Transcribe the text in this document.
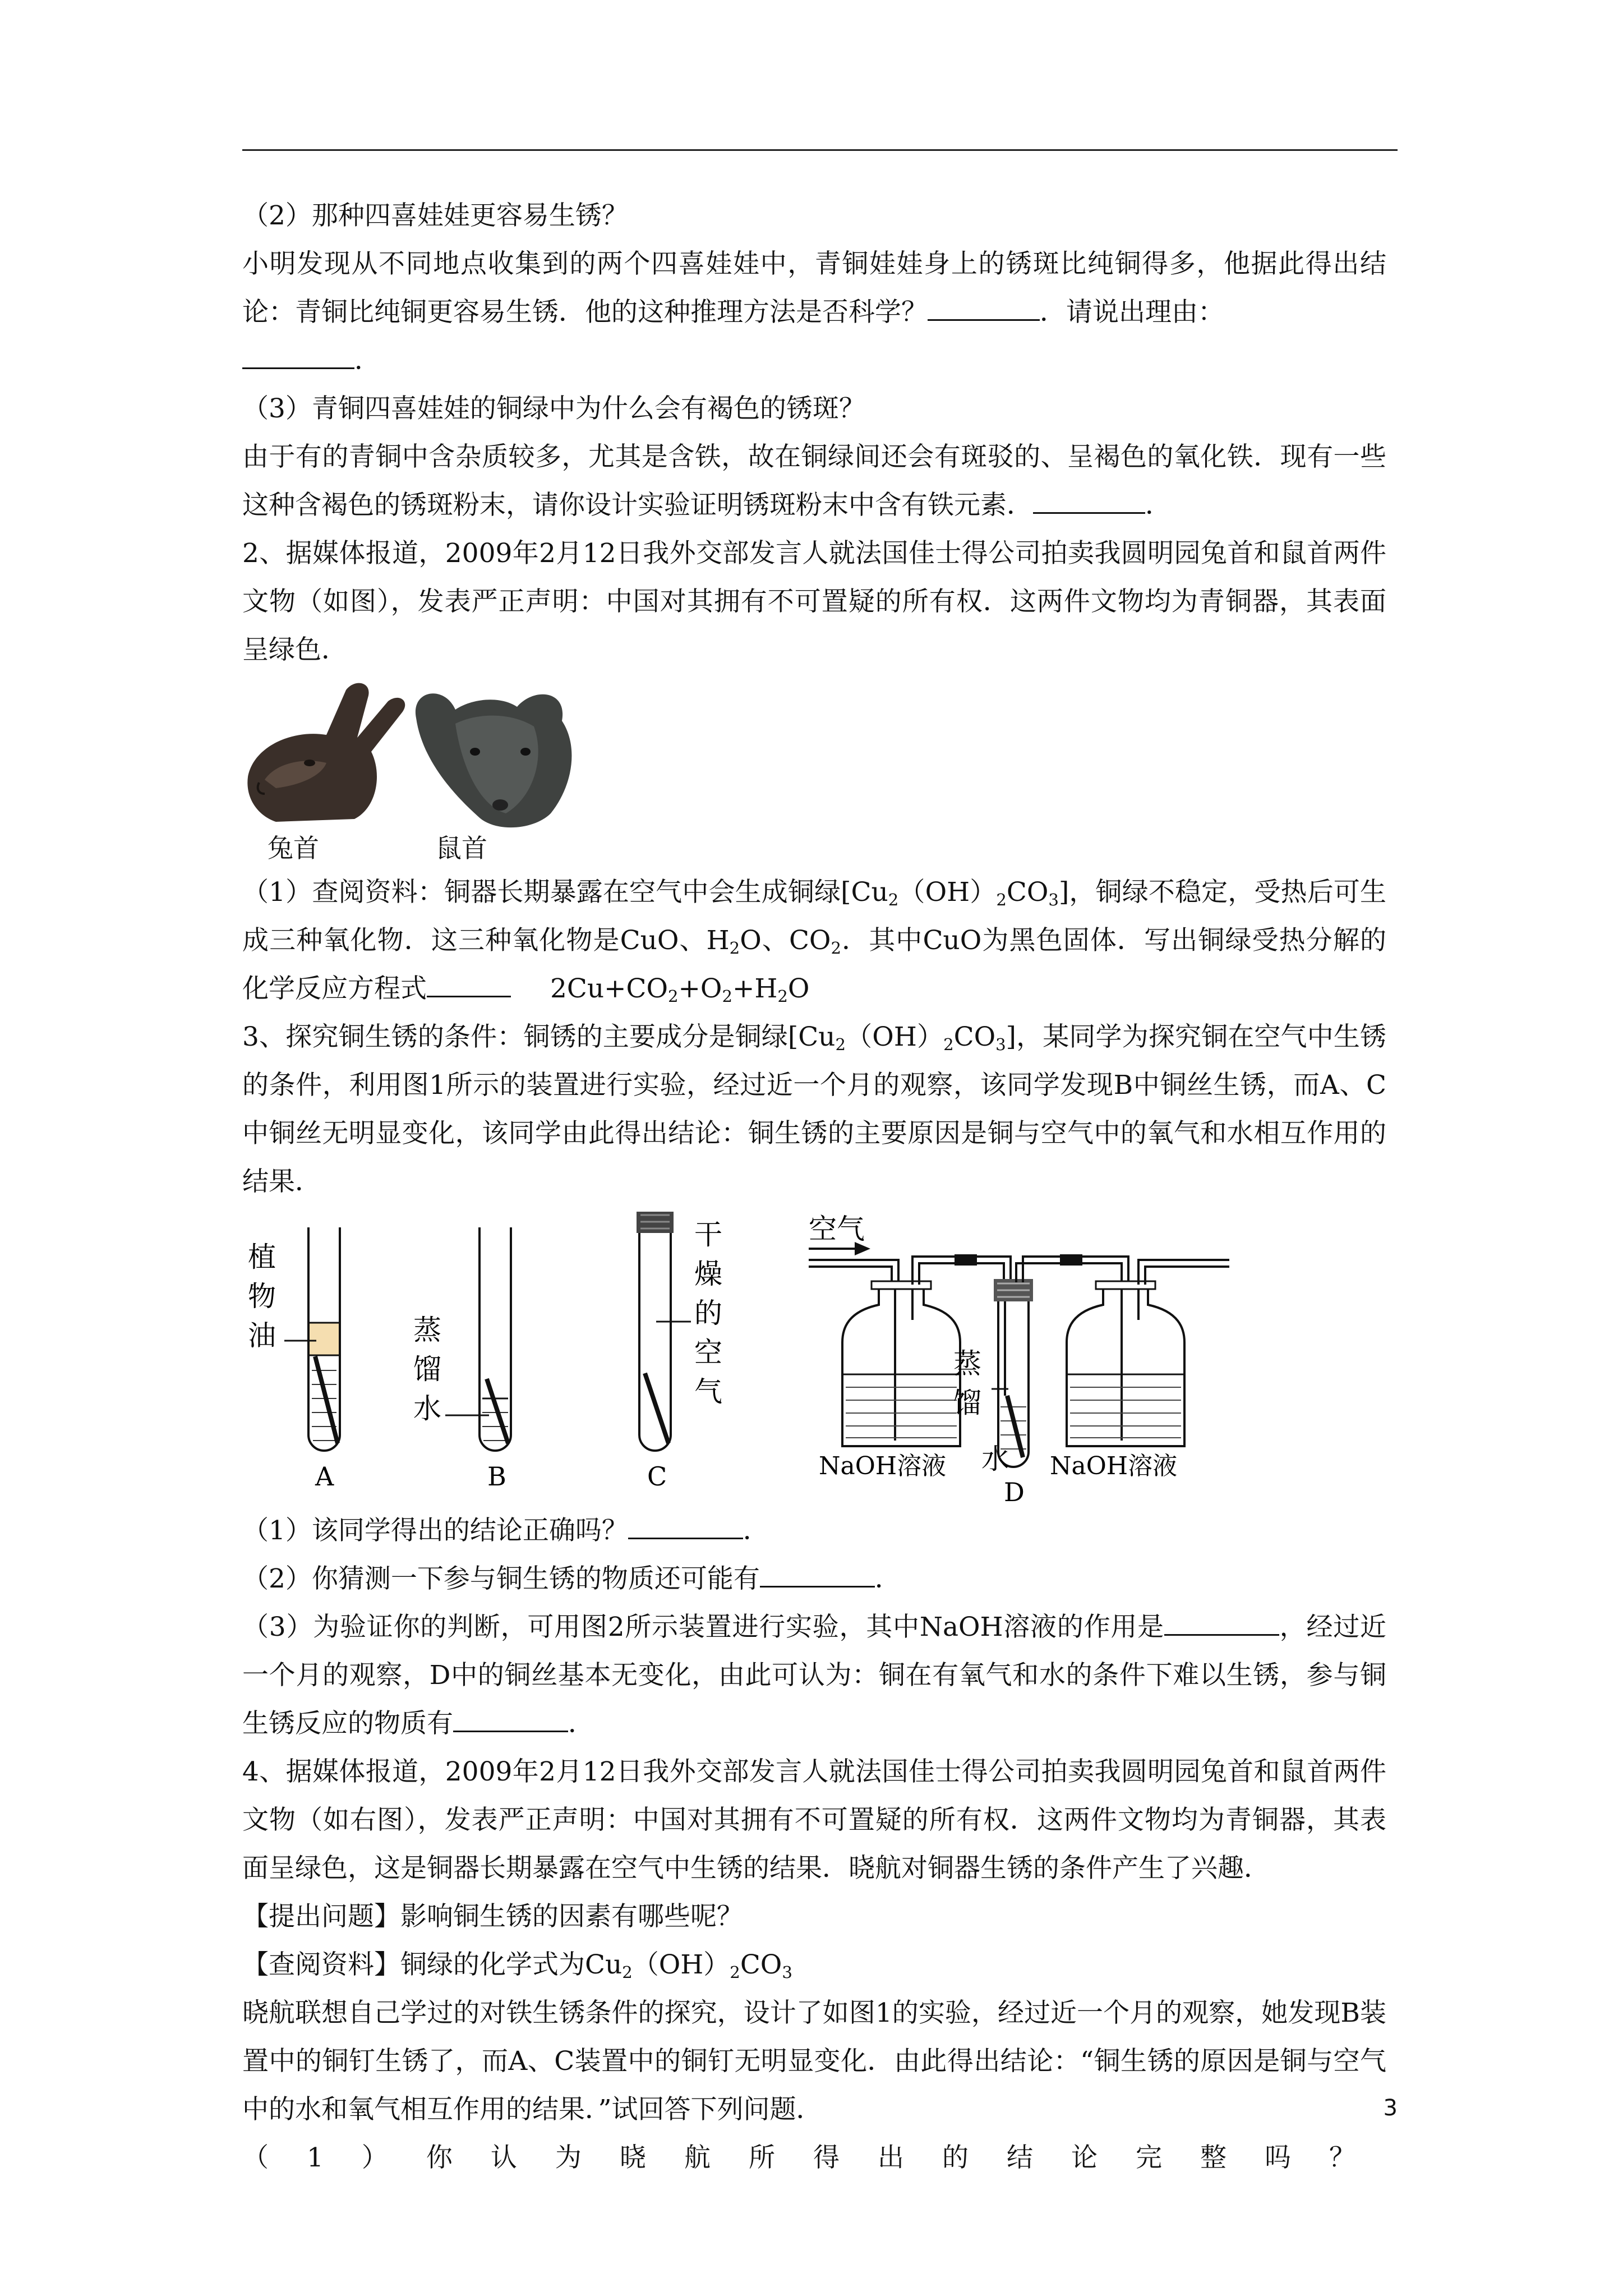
（2）那种四喜娃娃更容易生锈？

小明发现从不同地点收集到的两个四喜娃娃中，青铜娃娃身上的锈斑比纯铜得多，他据此得出结论：青铜比纯铜更容易生锈．他的这种推理方法是否科学？	．请说出理由：
．

（3）青铜四喜娃娃的铜绿中为什么会有褐色的锈斑？

由于有的青铜中含杂质较多，尤其是含铁，故在铜绿间还会有斑驳的、呈褐色的氧化铁．现有一些这种含褐色的锈斑粉末，请你设计实验证明锈斑粉末中含有铁元素．	．

2、据媒体报道，2009年2月12日我外交部发言人就法国佳士得公司拍卖我圆明园兔首和鼠首两件文物（如图），发表严正声明：中国对其拥有不可置疑的所有权．这两件文物均为青铜器，其表面呈绿色．

兔首	鼠首

（1）查阅资料：铜器长期暴露在空气中会生成铜绿$[Cu_2(OH)_2CO_3]$，铜绿不稳定，受热后可生成三种氧化物．这三种氧化物是CuO、$H_2O$、$CO_2$．其中CuO为黑色固体．写出铜绿受热分解的化学反应方程式	$2Cu+CO_2+O_2+H_2O$

3、探究铜生锈的条件：铜锈的主要成分是铜绿$[Cu_2(OH)_2CO_3]$，某同学为探究铜在空气中生锈的条件，利用图1所示的装置进行实验，经过近一个月的观察，该同学发现B中铜丝生锈，而A、C中铜丝无明显变化，该同学由此得出结论：铜生锈的主要原因是铜与空气中的氧气和水相互作用的结果．

植
物
油
A
蒸
馏
水
B
干
燥
的
空
气
C
空气
蒸
馏
水
NaOH溶液	NaOH溶液
D

（1）该同学得出的结论正确吗？	．

（2）你猜测一下参与铜生锈的物质还可能有	．

（3）为验证你的判断，可用图2所示装置进行实验，其中NaOH溶液的作用是	，经过近一个月的观察，D中的铜丝基本无变化，由此可认为：铜在有氧气和水的条件下难以生锈，参与铜生锈反应的物质有	．

4、据媒体报道，2009年2月12日我外交部发言人就法国佳士得公司拍卖我圆明园兔首和鼠首两件文物（如右图），发表严正声明：中国对其拥有不可置疑的所有权．这两件文物均为青铜器，其表面呈绿色，这是铜器长期暴露在空气中生锈的结果．晓航对铜器生锈的条件产生了兴趣．

【提出问题】影响铜生锈的因素有哪些呢？

【查阅资料】铜绿的化学式为$Cu_2(OH)_2CO_3$

晓航联想自己学过的对铁生锈条件的探究，设计了如图1的实验，经过近一个月的观察，她发现B装置中的铜钉生锈了，而A、C装置中的铜钉无明显变化．由此得出结论：“铜生锈的原因是铜与空气中的水和氧气相互作用的结果．”试回答下列问题．

（1）你认为晓航所得出的结论完整吗？

3
